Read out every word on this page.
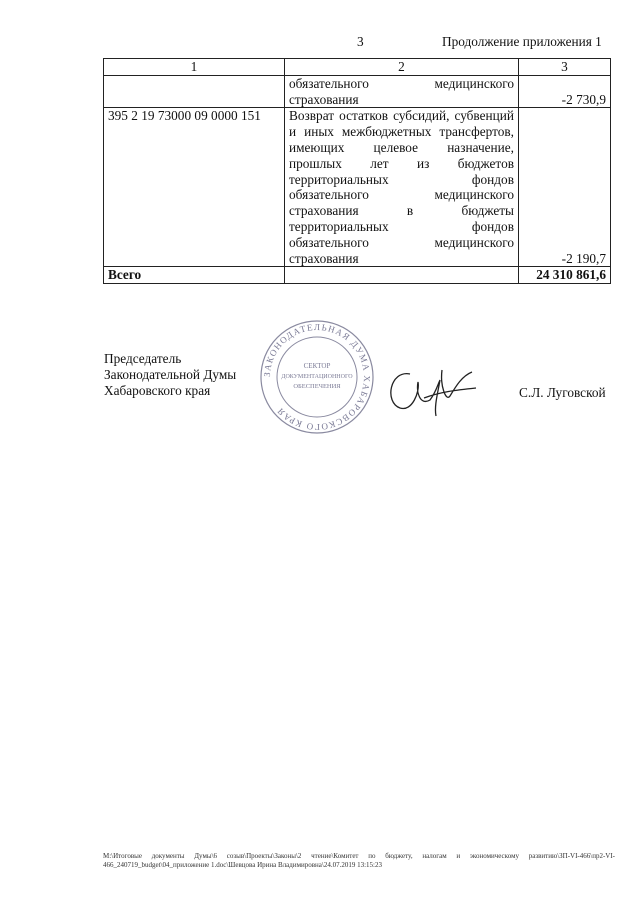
3	Продолжение приложения 1
1	2	3
	обязательного медицинского страхования	-2 730,9
395 2 19 73000 09 0000 151	Возврат остатков субсидий, субвенций и иных межбюджетных трансфертов, имеющих целевое назначение, прошлых лет из бюджетов территориальных фондов обязательного медицинского страхования в бюджеты территориальных фондов обязательного медицинского страхования	-2 190,7
Всего		24 310 861,6
ЗАКОНОДАТЕЛЬНАЯ ДУМА ХАБАРОВСКОГО КРАЯ
СЕКТОР
ДОКУМЕНТАЦИОННОГО
ОБЕСПЕЧЕНИЯ
Председатель
Законодательной Думы
Хабаровского края	С.Л. Луговской
M:\Итоговые документы Думы\6 созыв\Проекты\Законы\2 чтение\Комитет по бюджету, налогам и экономическому развитию\ЗП-VI-466\пр2-VI-466_240719_budget\04_приложение 1.doc\Шевцова Ирина Владимировна\24.07.2019 13:15:23
